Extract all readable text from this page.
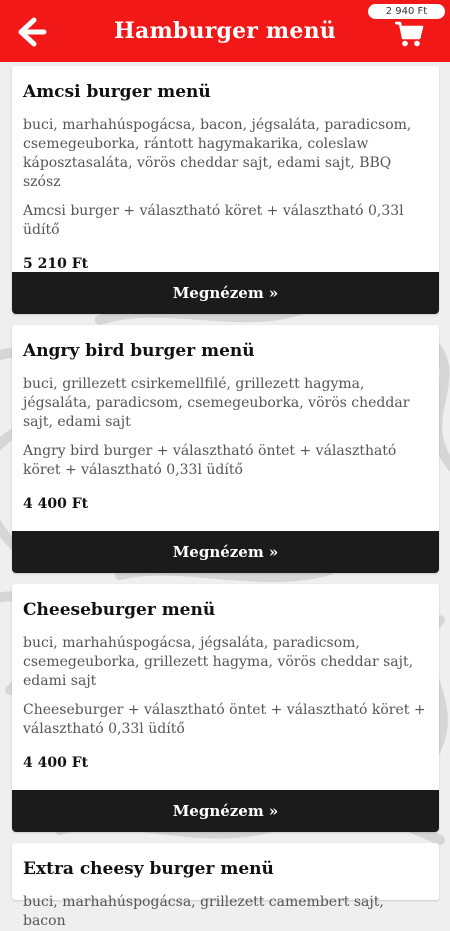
Hamburger menü
2 940 Ft
Amcsi burger menü
buci, marhahúspogácsa, bacon, jégsaláta, paradicsom, csemegeuborka, rántott hagymakarika, coleslaw káposztasaláta, vörös cheddar sajt, edami sajt, BBQ szósz
Amcsi burger + választható köret + választható 0,33l üdítő
5 210 Ft
Megnézem »
Angry bird burger menü
buci, grillezett csirkemellfilé, grillezett hagyma, jégsaláta, paradicsom, csemegeuborka, vörös cheddar sajt, edami sajt
Angry bird burger + választható öntet + választható köret + választható 0,33l üdítő
4 400 Ft
Megnézem »
Cheeseburger menü
buci, marhahúspogácsa, jégsaláta, paradicsom, csemegeuborka, grillezett hagyma, vörös cheddar sajt, edami sajt
Cheeseburger + választható öntet + választható köret + választható 0,33l üdítő
4 400 Ft
Megnézem »
Extra cheesy burger menü
buci, marhahúspogácsa, grillezett camembert sajt, bacon
